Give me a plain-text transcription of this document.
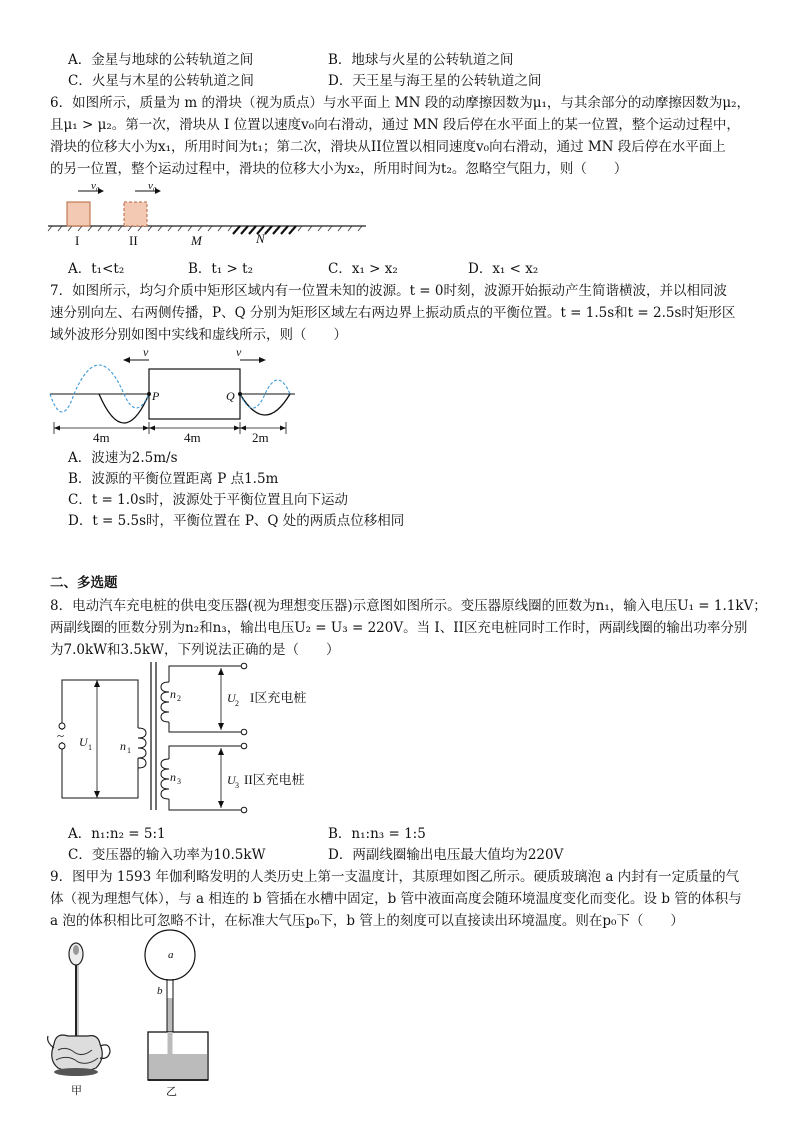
A．金星与地球的公转轨道之间	B．地球与火星的公转轨道之间
C．火星与木星的公转轨道之间	D．天王星与海王星的公转轨道之间
6．如图所示，质量为 m 的滑块（视为质点）与水平面上 MN 段的动摩擦因数为μ₁，与其余部分的动摩擦因数为μ₂，
且μ₁ > μ₂。第一次，滑块从 I 位置以速度v₀向右滑动，通过 MN 段后停在水平面上的某一位置，整个运动过程中，
滑块的位移大小为x₁，所用时间为t₁；第二次，滑块从II位置以相同速度v₀向右滑动，通过 MN 段后停在水平面上
的另一位置，整个运动过程中，滑块的位移大小为x₂，所用时间为t₂。忽略空气阻力，则（　　）
v₀	v₀
I	II	M	N
A．t₁<t₂	B．t₁ > t₂	C．x₁ > x₂	D．x₁ < x₂
7．如图所示，均匀介质中矩形区域内有一位置未知的波源。t = 0时刻，波源开始振动产生简谐横波，并以相同波
速分别向左、右两侧传播，P、Q 分别为矩形区域左右两边界上振动质点的平衡位置。t = 1.5s和t = 2.5s时矩形区
域外波形分别如图中实线和虚线所示，则（　　）
v	v
P	Q
4m	4m	2m
A．波速为2.5m/s
B．波源的平衡位置距离 P 点1.5m
C．t = 1.0s时，波源处于平衡位置且向下运动
D．t = 5.5s时，平衡位置在 P、Q 处的两质点位移相同
二、多选题
8．电动汽车充电桩的供电变压器(视为理想变压器)示意图如图所示。变压器原线圈的匝数为n₁，输入电压U₁ = 1.1kV；
两副线圈的匝数分别为n₂和n₃，输出电压U₂ = U₃ = 220V。当 I、II区充电桩同时工作时，两副线圈的输出功率分别
为7.0kW和3.5kW，下列说法正确的是（　　）
~ U 1 n 1
n 2	U 2 I区充电桩
n 3	U 3 II区充电桩
A．n₁:n₂ = 5:1	B．n₁:n₃ = 1:5
C．变压器的输入功率为10.5kW	D．两副线圈输出电压最大值均为220V
9．图甲为 1593 年伽利略发明的人类历史上第一支温度计，其原理如图乙所示。硬质玻璃泡 a 内封有一定质量的气
体（视为理想气体），与 a 相连的 b 管插在水槽中固定，b 管中液面高度会随环境温度变化而变化。设 b 管的体积与
a 泡的体积相比可忽略不计，在标准大气压p₀下，b 管上的刻度可以直接读出环境温度。则在p₀下（　　）
甲
a
b
乙
